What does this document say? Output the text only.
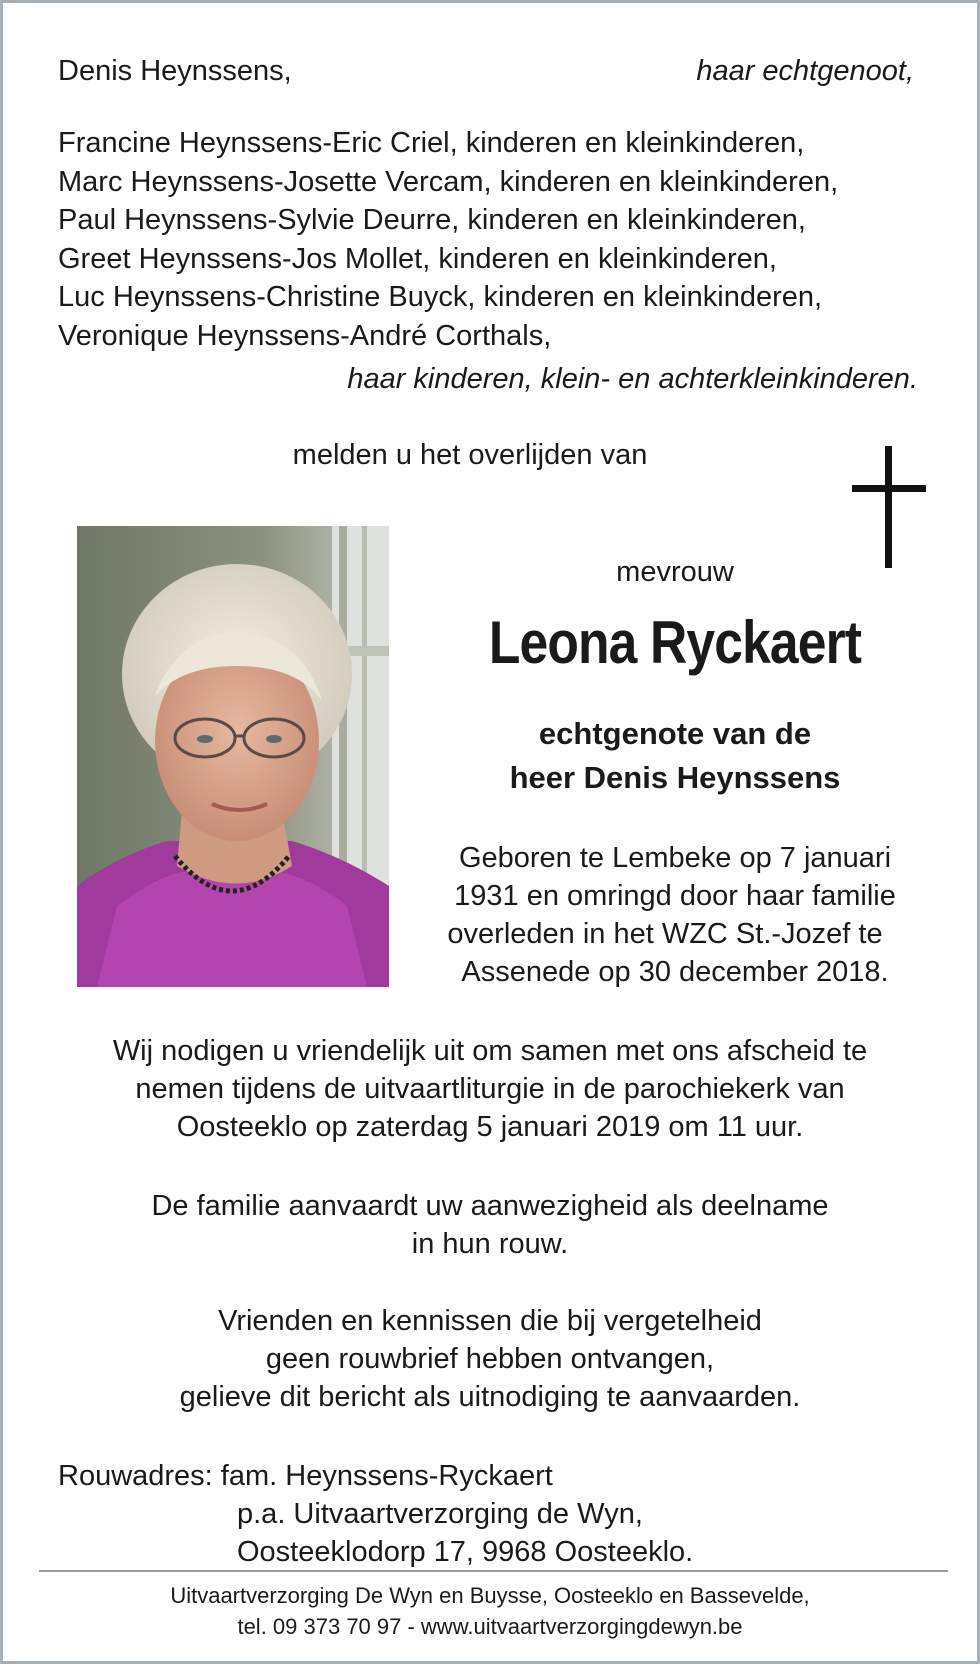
Denis Heynssens,	haar echtgenoot,
Francine Heynssens-Eric Criel, kinderen en kleinkinderen,
Marc Heynssens-Josette Vercam, kinderen en kleinkinderen,
Paul Heynssens-Sylvie Deurre, kinderen en kleinkinderen,
Greet Heynssens-Jos Mollet, kinderen en kleinkinderen,
Luc Heynssens-Christine Buyck, kinderen en kleinkinderen,
Veronique Heynssens-André Corthals,
haar kinderen, klein- en achterkleinkinderen.
melden u het overlijden van
mevrouw
Leona Ryckaert
echtgenote van de
heer Denis Heynssens
Geboren te Lembeke op 7 januari
1931 en omringd door haar familie
overleden in het WZC St.-Jozef te
Assenede op 30 december 2018.
Wij nodigen u vriendelijk uit om samen met ons afscheid te
nemen tijdens de uitvaartliturgie in de parochiekerk van
Oosteeklo op zaterdag 5 januari 2019 om 11 uur.
De familie aanvaardt uw aanwezigheid als deelname
in hun rouw.
Vrienden en kennissen die bij vergetelheid
geen rouwbrief hebben ontvangen,
gelieve dit bericht als uitnodiging te aanvaarden.
Rouwadres: fam. Heynssens-Ryckaert
p.a. Uitvaartverzorging de Wyn,
Oosteeklodorp 17, 9968 Oosteeklo.
Uitvaartverzorging De Wyn en Buysse, Oosteeklo en Bassevelde,
tel. 09 373 70 97 - www.uitvaartverzorgingdewyn.be
